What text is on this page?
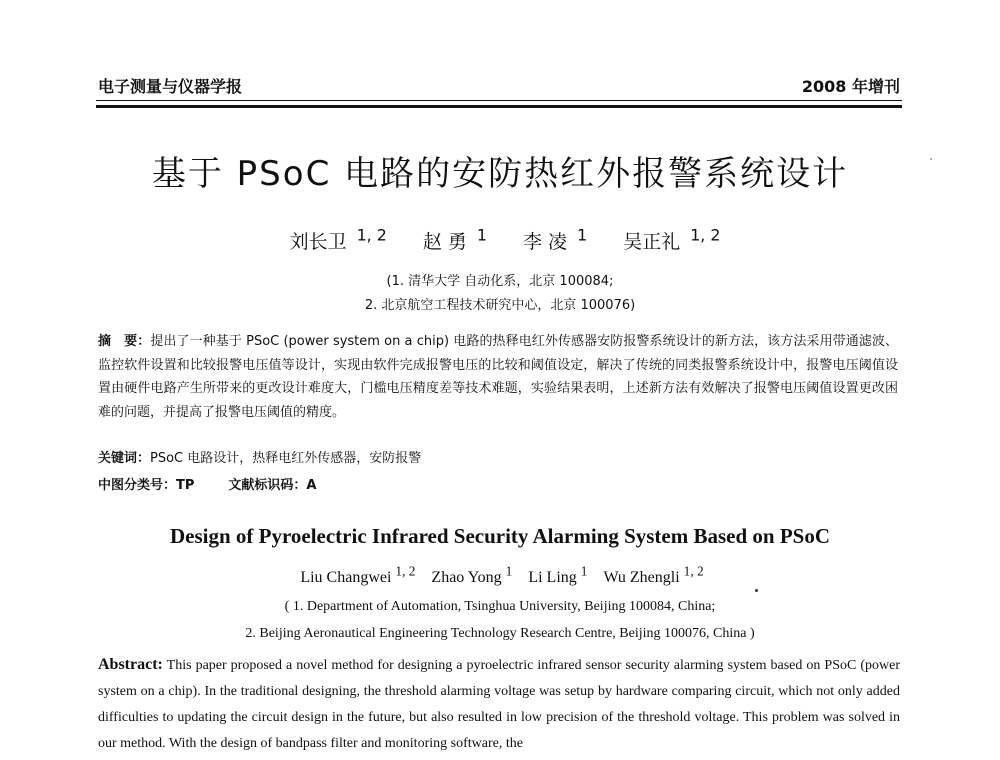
电子测量与仪器学报	2008 年增刊
基于 PSoC 电路的安防热红外报警系统设计
刘长卫 $^{1, 2}$ 赵 勇 $^1$ 李 凌 $^1$ 吴正礼 $^{1, 2}$
(1. 清华大学 自动化系，北京 100084;
2. 北京航空工程技术研究中心，北京 100076)
摘　要：提出了一种基于 PSoC (power system on a chip) 电路的热释电红外传感器安防报警系统设计的新方法，该方法采用带通滤波、监控软件设置和比较报警电压值等设计，实现由软件完成报警电压的比较和阈值设定，解决了传统的同类报警系统设计中，报警电压阈值设置由硬件电路产生所带来的更改设计难度大，门槛电压精度差等技术难题，实验结果表明，上述新方法有效解决了报警电压阈值设置更改困难的问题，并提高了报警电压阈值的精度。
关键词：PSoC 电路设计，热释电红外传感器，安防报警
中图分类号：TP	文献标识码：A
Design of Pyroelectric Infrared Security Alarming System Based on PSoC
Liu Changwei $^{1, 2}$ Zhao Yong $^1$ Li Ling $^1$ Wu Zhengli $^{1, 2}$
( 1. Department of Automation, Tsinghua University, Beijing 100084, China;
2. Beijing Aeronautical Engineering Technology Research Centre, Beijing 100076, China )
Abstract: This paper proposed a novel method for designing a pyroelectric infrared sensor security alarming system based on PSoC (power system on a chip). In the traditional designing, the threshold alarming voltage was setup by hardware comparing circuit, which not only added difficulties to updating the circuit design in the future, but also resulted in low precision of the threshold voltage. This problem was solved in our method. With the design of bandpass filter and monitoring software, the
